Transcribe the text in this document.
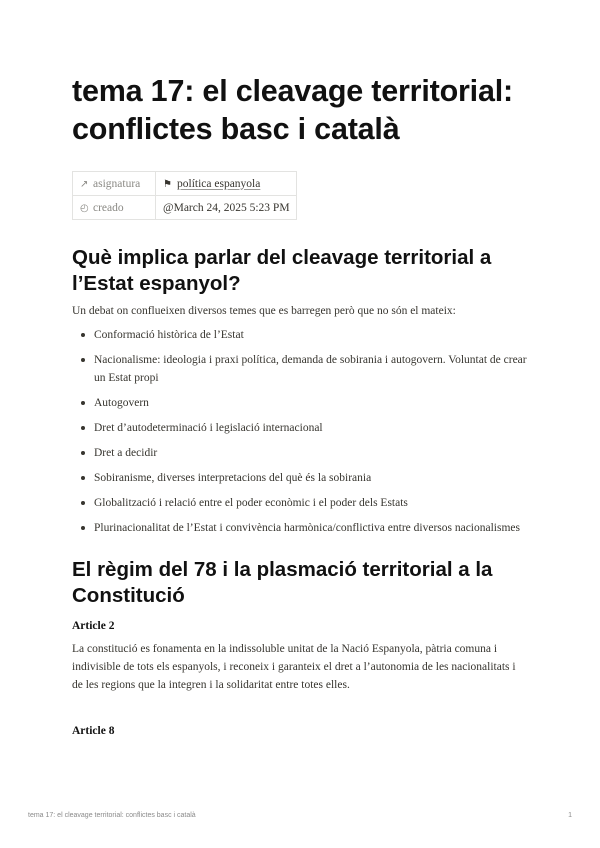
tema 17: el cleavage territorial: conflictes basc i català
↗ asignatura	⚑ política espanyola
◴ creado	@March 24, 2025 5:23 PM
Què implica parlar del cleavage territorial a l’Estat espanyol?

Un debat on conflueixen diversos temes que es barregen però que no són el mateix:

Conformació històrica de l’Estat
Nacionalisme: ideologia i praxi política, demanda de sobirania i autogovern. Voluntat de crear un Estat propi
Autogovern
Dret d’autodeterminació i legislació internacional
Dret a decidir
Sobiranisme, diverses interpretacions del què és la sobirania
Globalització i relació entre el poder econòmic i el poder dels Estats
Plurinacionalitat de l’Estat i convivència harmònica/conflictiva entre diversos nacionalismes
El règim del 78 i la plasmació territorial a la Constitució
Article 2

La constitució es fonamenta en la indissoluble unitat de la Nació Espanyola, pàtria comuna i indivisible de tots els espanyols, i reconeix i garanteix el dret a l’autonomia de les nacionalitats i de les regions que la integren i la solidaritat entre totes elles.

Article 8
tema 17: el cleavage territorial: conflictes basc i català	1
